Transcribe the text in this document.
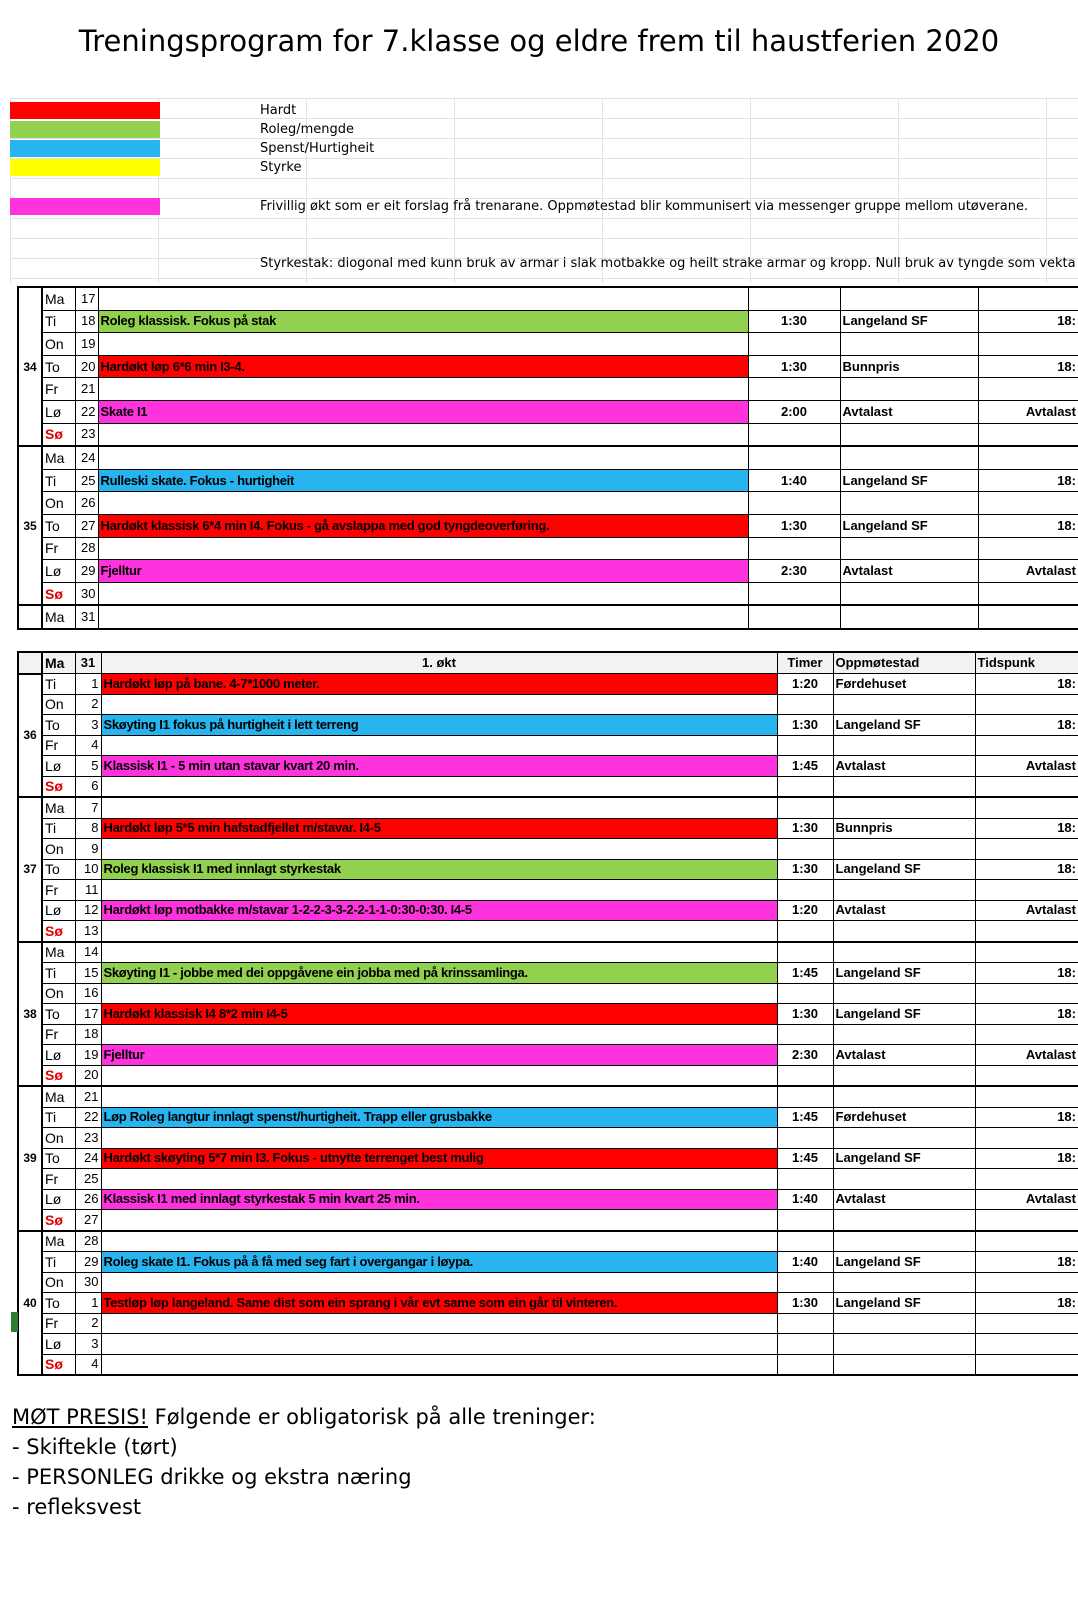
Treningsprogram for 7.klasse og eldre frem til haustferien 2020
Hardt
Roleg/mengde
Spenst/Hurtigheit
Styrke
Frivillig økt som er eit forslag frå trenarane. Oppmøtestad blir kommunisert via messenger gruppe mellom utøverane.
Styrkestak: diogonal med kunn bruk av armar i slak motbakke og heilt strake armar og kropp. Null bruk av tyngde som vekta
34	Ma	17				
	Ti	18	Roleg klassisk. Fokus på stak	1:30	Langeland SF	18:
	On	19				
	To	20	Hardøkt løp 6*6 min I3-4.	1:30	Bunnpris	18:
	Fr	21				
	Lø	22	Skate I1	2:00	Avtalast	Avtalast
	Sø	23				
35	Ma	24				
	Ti	25	Rulleski skate. Fokus - hurtigheit	1:40	Langeland SF	18:
	On	26				
	To	27	Hardøkt klassisk 6*4 min I4. Fokus - gå avslappa med god tyngdeoverføring.	1:30	Langeland SF	18:
	Fr	28				
	Lø	29	Fjelltur	2:30	Avtalast	Avtalast
	Sø	30				
	Ma	31				
	Ma	31	1. økt	Timer	Oppmøtestad	Tidspunk
36	Ti	1	Hardøkt løp på bane. 4-7*1000 meter.	1:20	Førdehuset	18:
	On	2				
	To	3	Skøyting I1 fokus på hurtigheit i lett terreng	1:30	Langeland SF	18:
	Fr	4				
	Lø	5	Klassisk I1 - 5 min utan stavar kvart 20 min.	1:45	Avtalast	Avtalast
	Sø	6				
37	Ma	7				
	Ti	8	Hardøkt løp 5*5 min hafstadfjellet m/stavar. I4-5	1:30	Bunnpris	18:
	On	9				
	To	10	Roleg klassisk I1 med innlagt styrkestak	1:30	Langeland SF	18:
	Fr	11				
	Lø	12	Hardøkt løp motbakke m/stavar 1-2-2-3-3-2-2-1-1-0:30-0:30. I4-5	1:20	Avtalast	Avtalast
	Sø	13				
38	Ma	14				
	Ti	15	Skøyting I1 - jobbe med dei oppgåvene ein jobba med på krinssamlinga.	1:45	Langeland SF	18:
	On	16				
	To	17	Hardøkt klassisk I4 8*2 min I4-5	1:30	Langeland SF	18:
	Fr	18				
	Lø	19	Fjelltur	2:30	Avtalast	Avtalast
	Sø	20				
39	Ma	21				
	Ti	22	Løp Roleg langtur innlagt spenst/hurtigheit. Trapp eller grusbakke	1:45	Førdehuset	18:
	On	23				
	To	24	Hardøkt skøyting 5*7 min I3. Fokus - utnytte terrenget best mulig	1:45	Langeland SF	18:
	Fr	25				
	Lø	26	Klassisk I1 med innlagt styrkestak 5 min kvart 25 min.	1:40	Avtalast	Avtalast
	Sø	27				
40	Ma	28				
	Ti	29	Roleg skate I1. Fokus på å få med seg fart i overgangar i løypa.	1:40	Langeland SF	18:
	On	30				
	To	1	Testløp løp langeland. Same dist som ein sprang i vår evt same som ein går til vinteren.	1:30	Langeland SF	18:
	Fr	2				
	Lø	3				
	Sø	4				
MØT PRESIS! Følgende er obligatorisk på alle treninger:
- Skiftekle (tørt)
- PERSONLEG drikke og ekstra næring
- refleksvest
